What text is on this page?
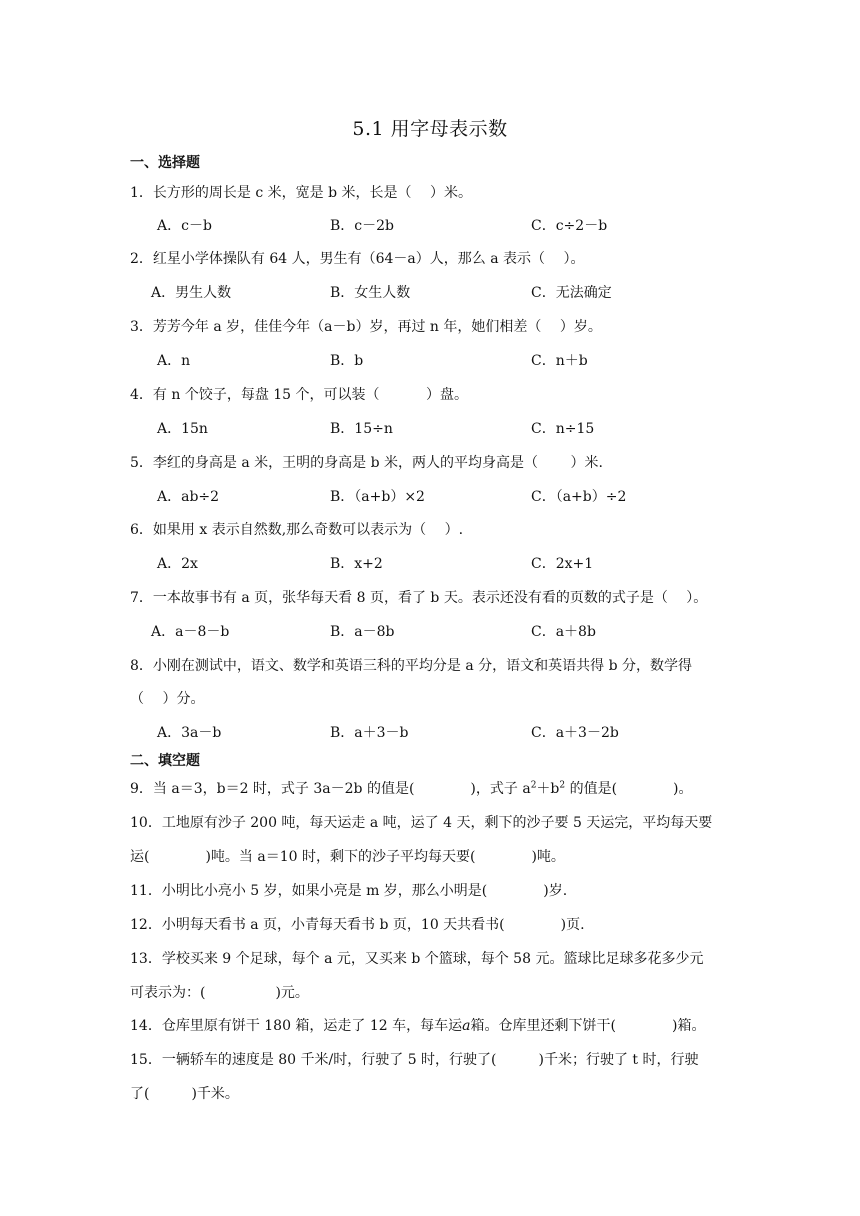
5.1 用字母表示数
一、选择题
1．长方形的周长是 c 米，宽是 b 米，长是（　 ）米。
A．c－b	B．c－2b	C．c÷2－b
2．红星小学体操队有 64 人，男生有（64－a）人，那么 a 表示（　 ）。
A．男生人数	B．女生人数	C．无法确定
3．芳芳今年 a 岁，佳佳今年（a－b）岁，再过 n 年，她们相差（　 ）岁。
A．n	B．b	C．n＋b
4．有 n 个饺子，每盘 15 个，可以装（　　　 ）盘。
A．15n	B．15÷n	C．n÷15
5．李红的身高是 a 米，王明的身高是 b 米，两人的平均身高是（　　 ）米.
A．ab÷2	B．（a+b）×2	C．（a+b）÷2
6．如果用 x 表示自然数,那么奇数可以表示为（　 ）.
A．2x	B．x+2	C．2x+1
7．一本故事书有 a 页，张华每天看 8 页，看了 b 天。表示还没有看的页数的式子是（　 ）。
A．a－8－b	B．a－8b	C．a＋8b
8．小刚在测试中，语文、数学和英语三科的平均分是 a 分，语文和英语共得 b 分，数学得
（　 ）分。
A．3a－b	B．a＋3－b	C．a＋3－2b
二、填空题
9．当 a＝3，b＝2 时，式子 3a－2b 的值是(　　　　)，式子 $a^2+b^2$ 的值是(　　　　)。
10．工地原有沙子 200 吨，每天运走 a 吨，运了 4 天，剩下的沙子要 5 天运完，平均每天要
运(　　　　)吨。当 a＝10 时，剩下的沙子平均每天要(　　　　)吨。
11．小明比小亮小 5 岁，如果小亮是 m 岁，那么小明是(　　　　)岁.
12．小明每天看书 a 页，小青每天看书 b 页，10 天共看书(　　　　)页.
13．学校买来 9 个足球，每个 a 元，又买来 b 个篮球，每个 58 元。篮球比足球多花多少元
可表示为：(　　　　　)元。
14．仓库里原有饼干 180 箱，运走了 12 车，每车运a箱。仓库里还剩下饼干(　　　　)箱。
15．一辆轿车的速度是 80 千米/时，行驶了 5 时，行驶了(　　　)千米；行驶了 t 时，行驶
了(　　　)千米。
